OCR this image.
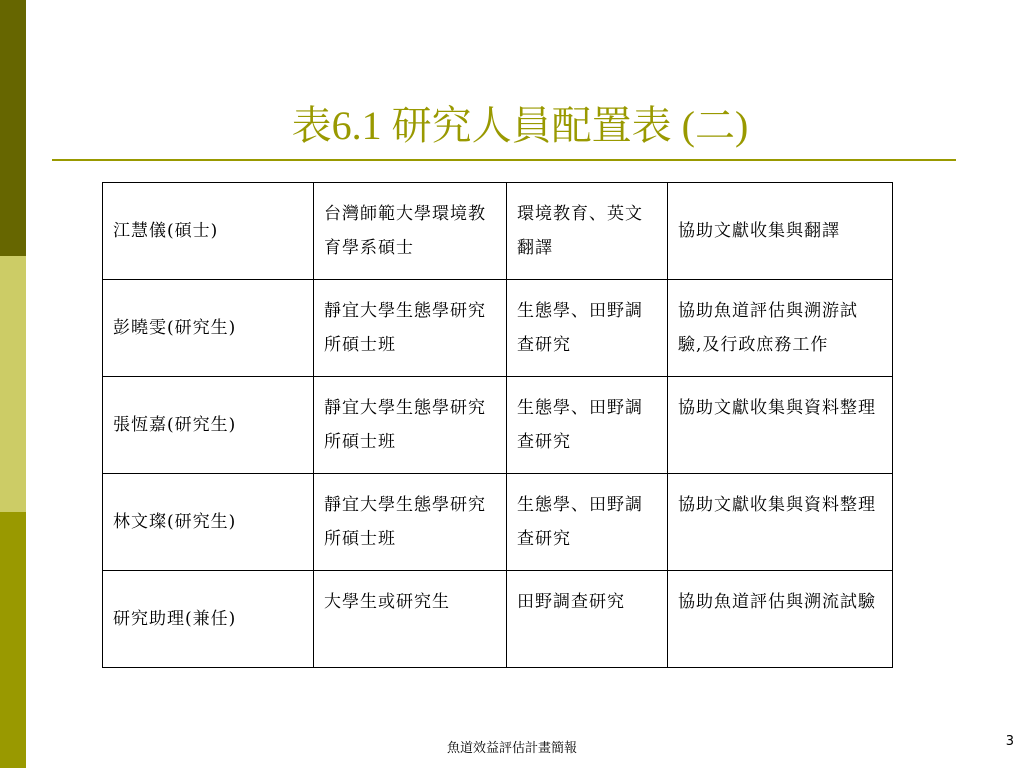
表6.1 研究人員配置表 (二)
江慧儀(碩士)	台灣師範大學環境教育學系碩士	環境教育、英文翻譯	協助文獻收集與翻譯

彭曉雯(研究生)	靜宜大學生態學研究所碩士班	生態學、田野調查研究	協助魚道評估與溯游試驗,及行政庶務工作

張恆嘉(研究生)	靜宜大學生態學研究所碩士班	生態學、田野調查研究	協助文獻收集與資料整理

林文璨(研究生)	靜宜大學生態學研究所碩士班	生態學、田野調查研究	協助文獻收集與資料整理

研究助理(兼任)	大學生或研究生	田野調查研究	協助魚道評估與溯流試驗
魚道效益評估計畫簡報	3
